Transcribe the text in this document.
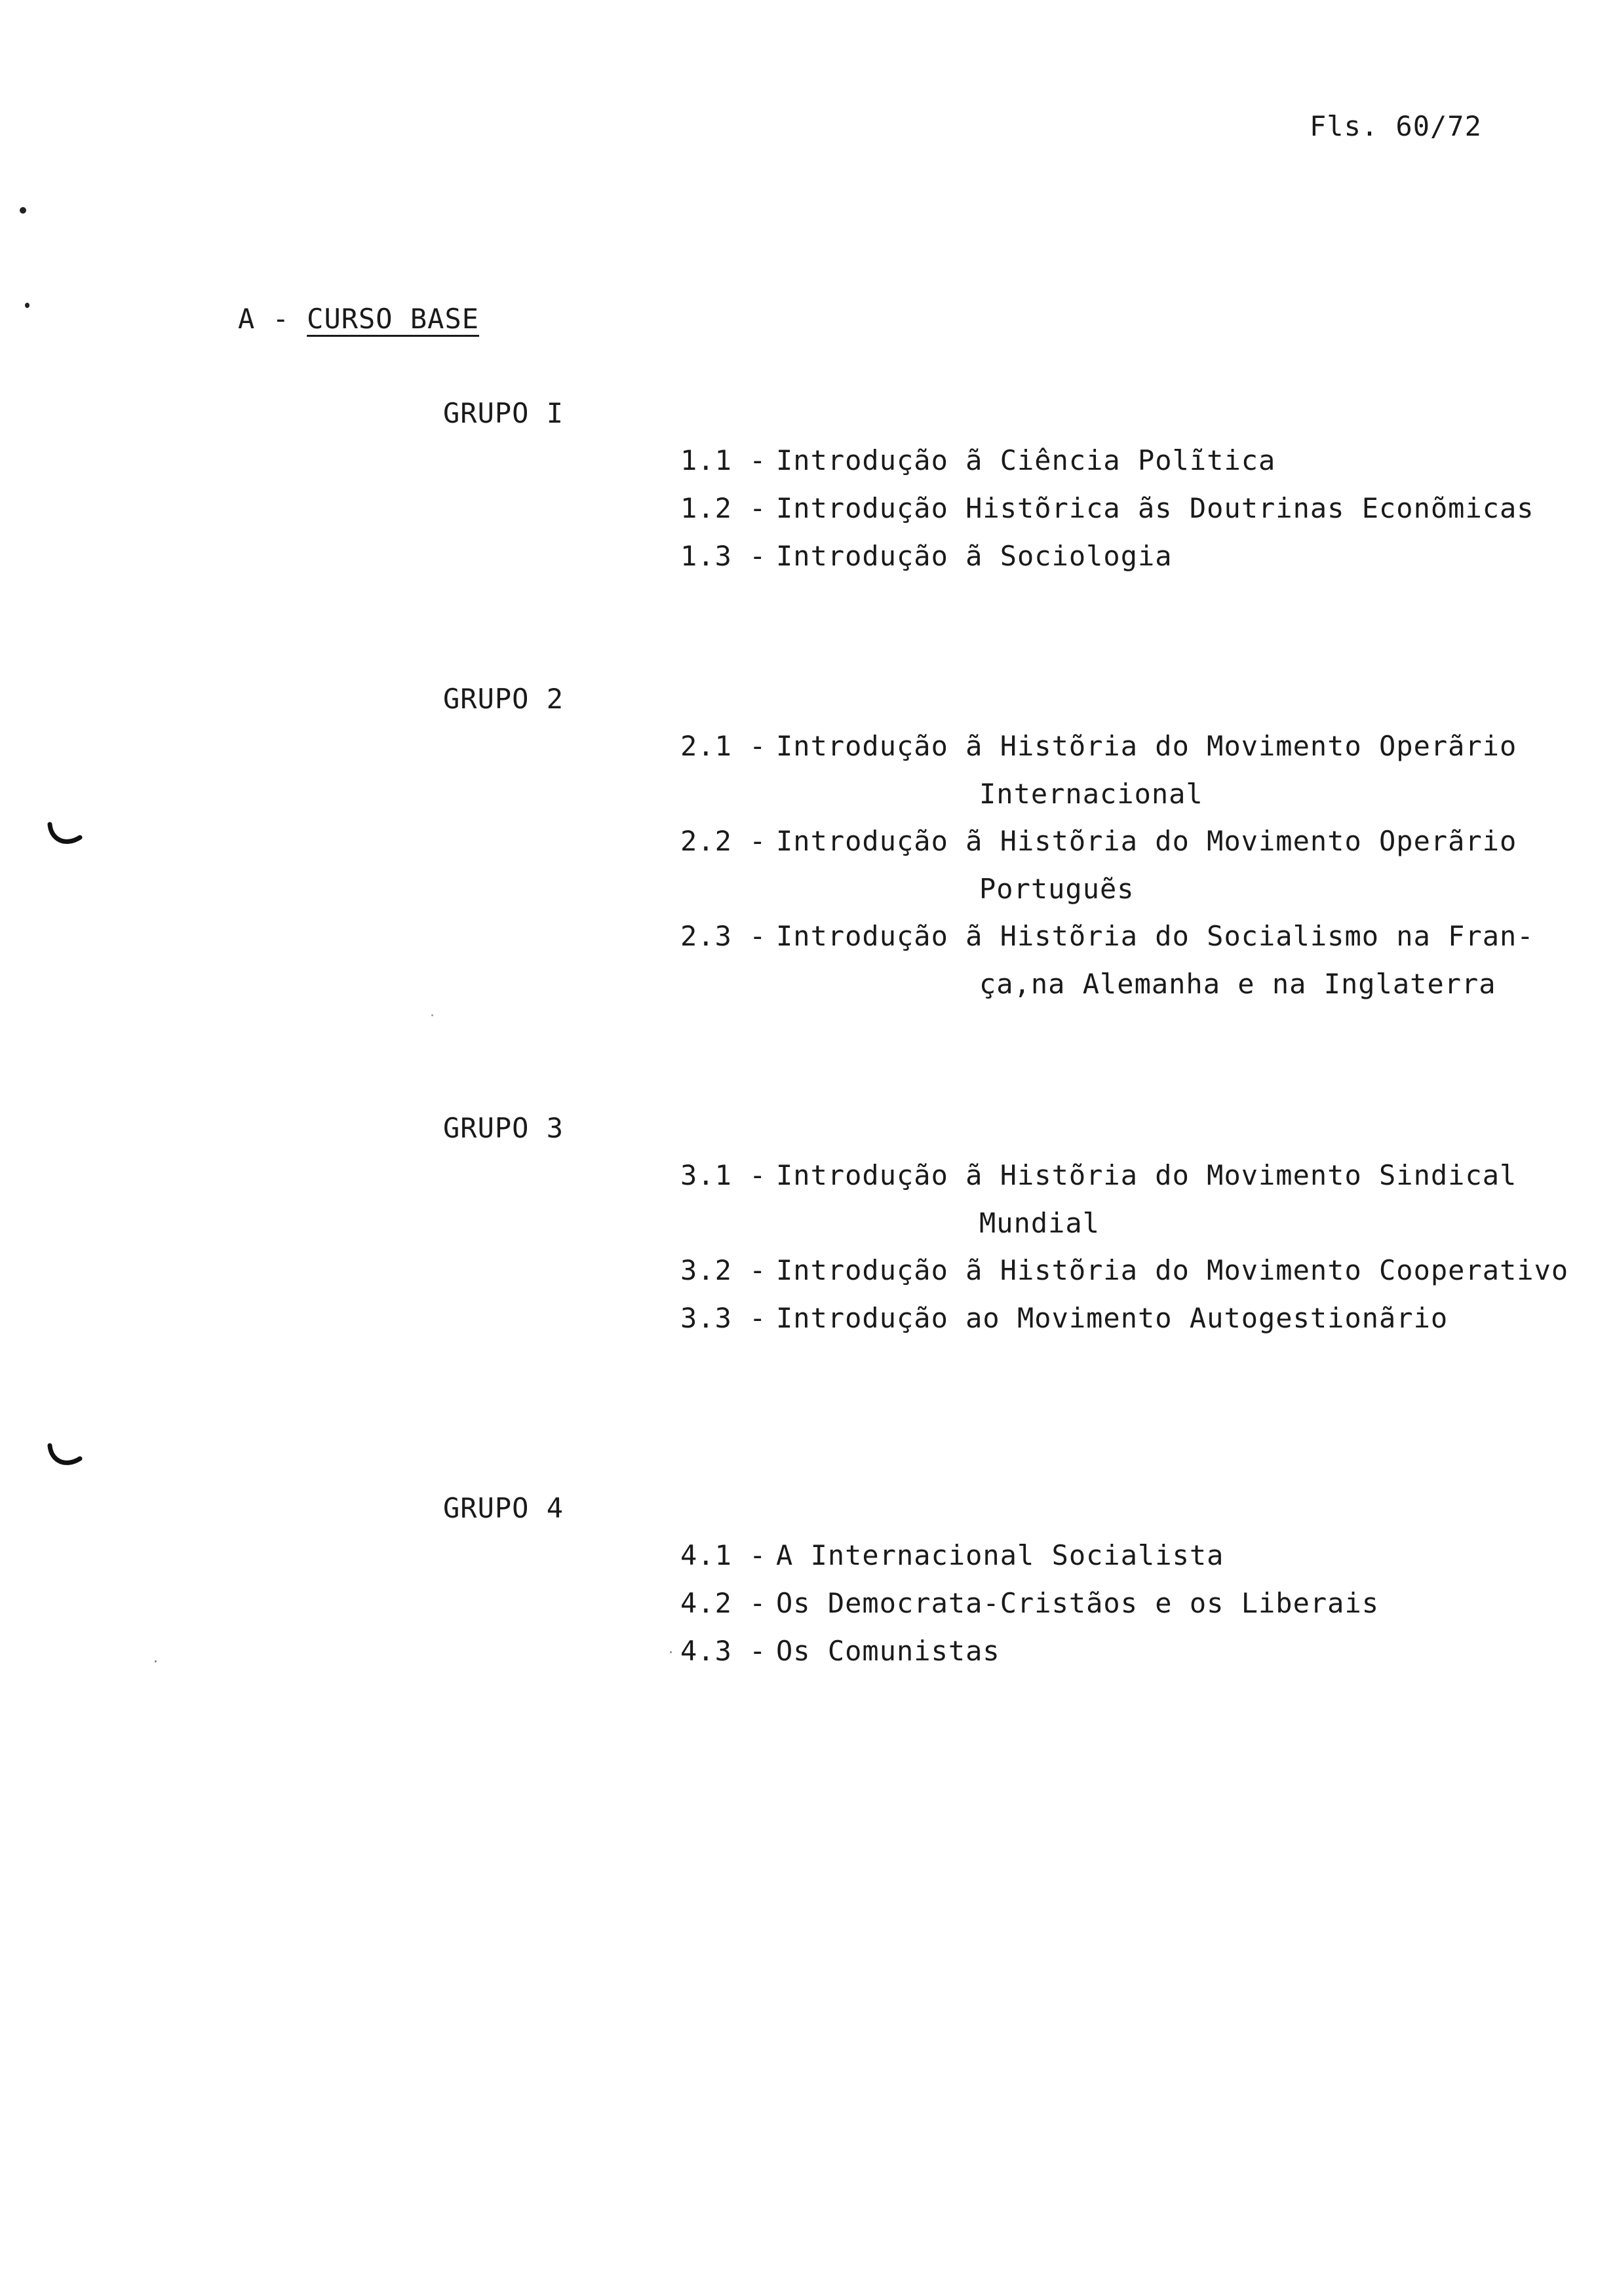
Fls. 60/72
A - CURSO BASE
GRUPO I
1.1 -
Introdução ã Ciência Polĩtica
1.2 -
Introdução Histõrica ãs Doutrinas Econõmicas
1.3 -
Introdução ã Sociologia
GRUPO 2
2.1 -
Introdução ã Histõria do Movimento Operãrio
Internacional
2.2 -
Introdução ã Histõria do Movimento Operãrio
Portuguẽs
2.3 -
Introdução ã Histõria do Socialismo na Fran-
ça,na Alemanha e na Inglaterra
GRUPO 3
3.1 -
Introdução ã Histõria do Movimento Sindical
Mundial
3.2 -
Introdução ã Histõria do Movimento Cooperativo
3.3 -
Introdução ao Movimento Autogestionãrio
GRUPO 4
4.1 -
A Internacional Socialista
4.2 -
Os Democrata-Cristãos e os Liberais
4.3 -
Os Comunistas
